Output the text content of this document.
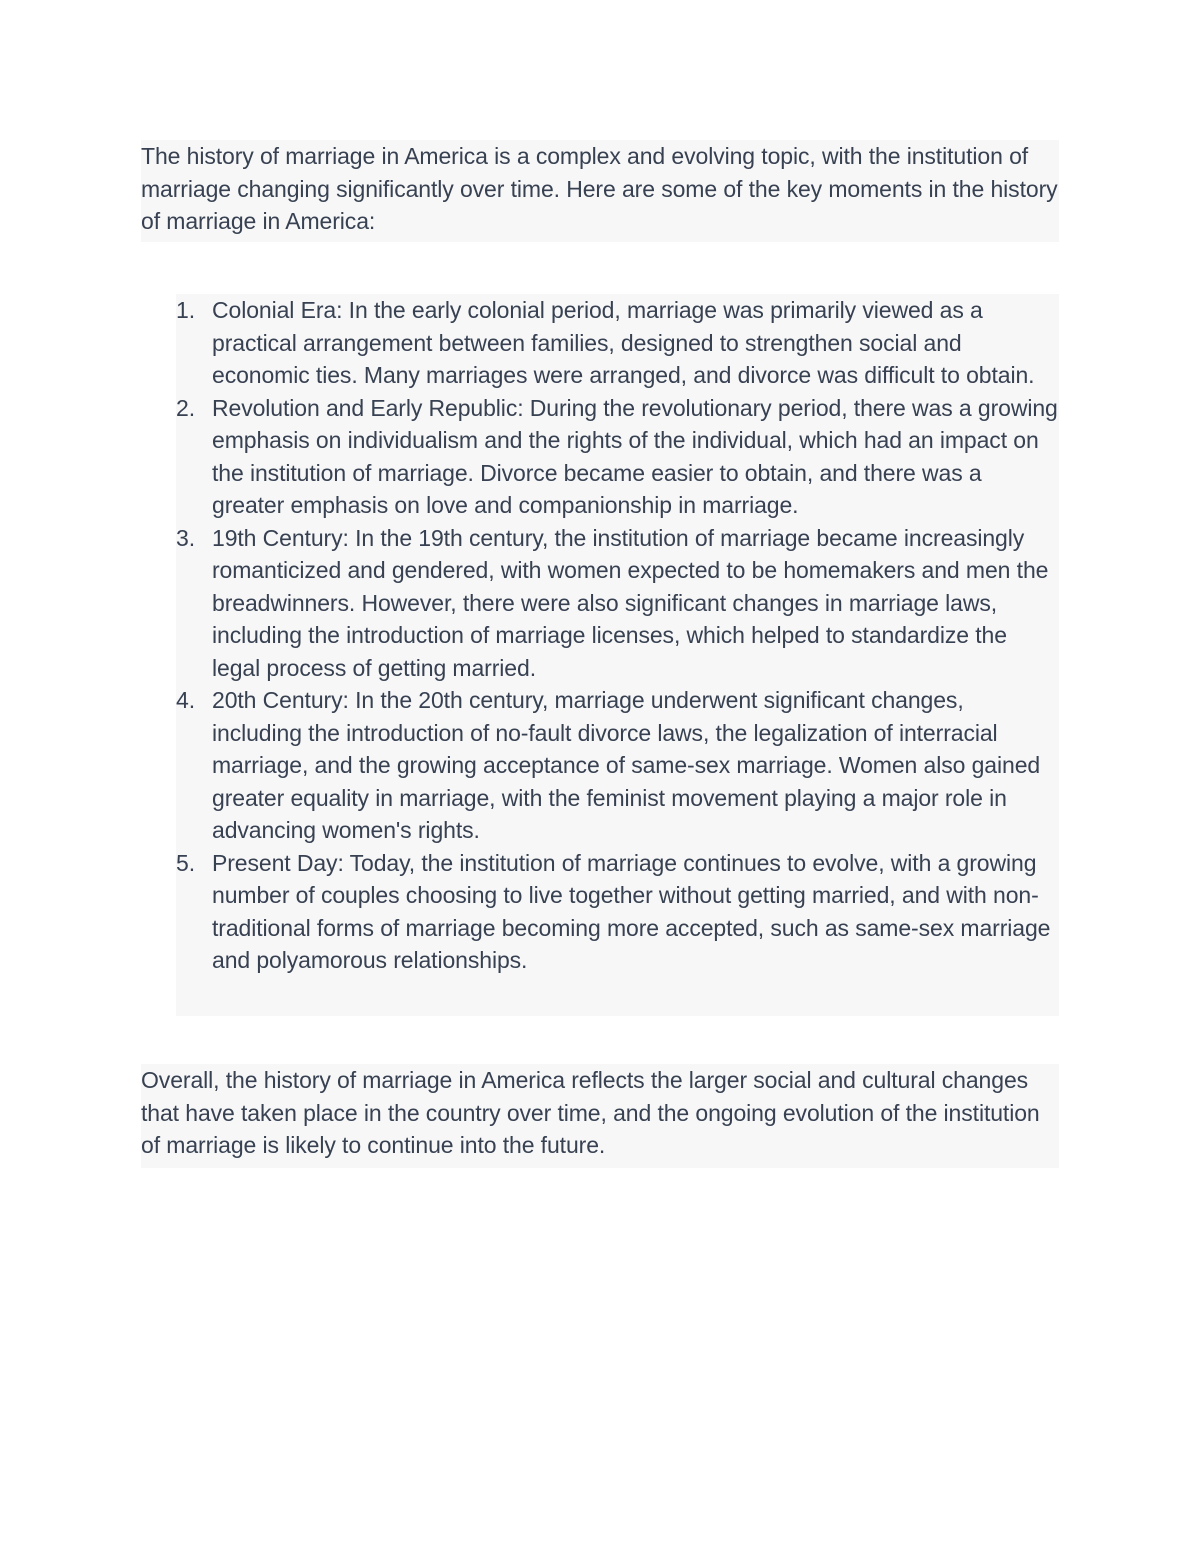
The history of marriage in America is a complex and evolving topic, with the institution of marriage changing significantly over time. Here are some of the key moments in the history of marriage in America:

1. Colonial Era: In the early colonial period, marriage was primarily viewed as a practical arrangement between families, designed to strengthen social and economic ties. Many marriages were arranged, and divorce was difficult to obtain.
2. Revolution and Early Republic: During the revolutionary period, there was a growing emphasis on individualism and the rights of the individual, which had an impact on the institution of marriage. Divorce became easier to obtain, and there was a greater emphasis on love and companionship in marriage.
3. 19th Century: In the 19th century, the institution of marriage became increasingly romanticized and gendered, with women expected to be homemakers and men the breadwinners. However, there were also significant changes in marriage laws, including the introduction of marriage licenses, which helped to standardize the legal process of getting married.
4. 20th Century: In the 20th century, marriage underwent significant changes, including the introduction of no-fault divorce laws, the legalization of interracial marriage, and the growing acceptance of same-sex marriage. Women also gained greater equality in marriage, with the feminist movement playing a major role in advancing women's rights.
5. Present Day: Today, the institution of marriage continues to evolve, with a growing number of couples choosing to live together without getting married, and with non-traditional forms of marriage becoming more accepted, such as same-sex marriage and polyamorous relationships.

Overall, the history of marriage in America reflects the larger social and cultural changes that have taken place in the country over time, and the ongoing evolution of the institution of marriage is likely to continue into the future.
